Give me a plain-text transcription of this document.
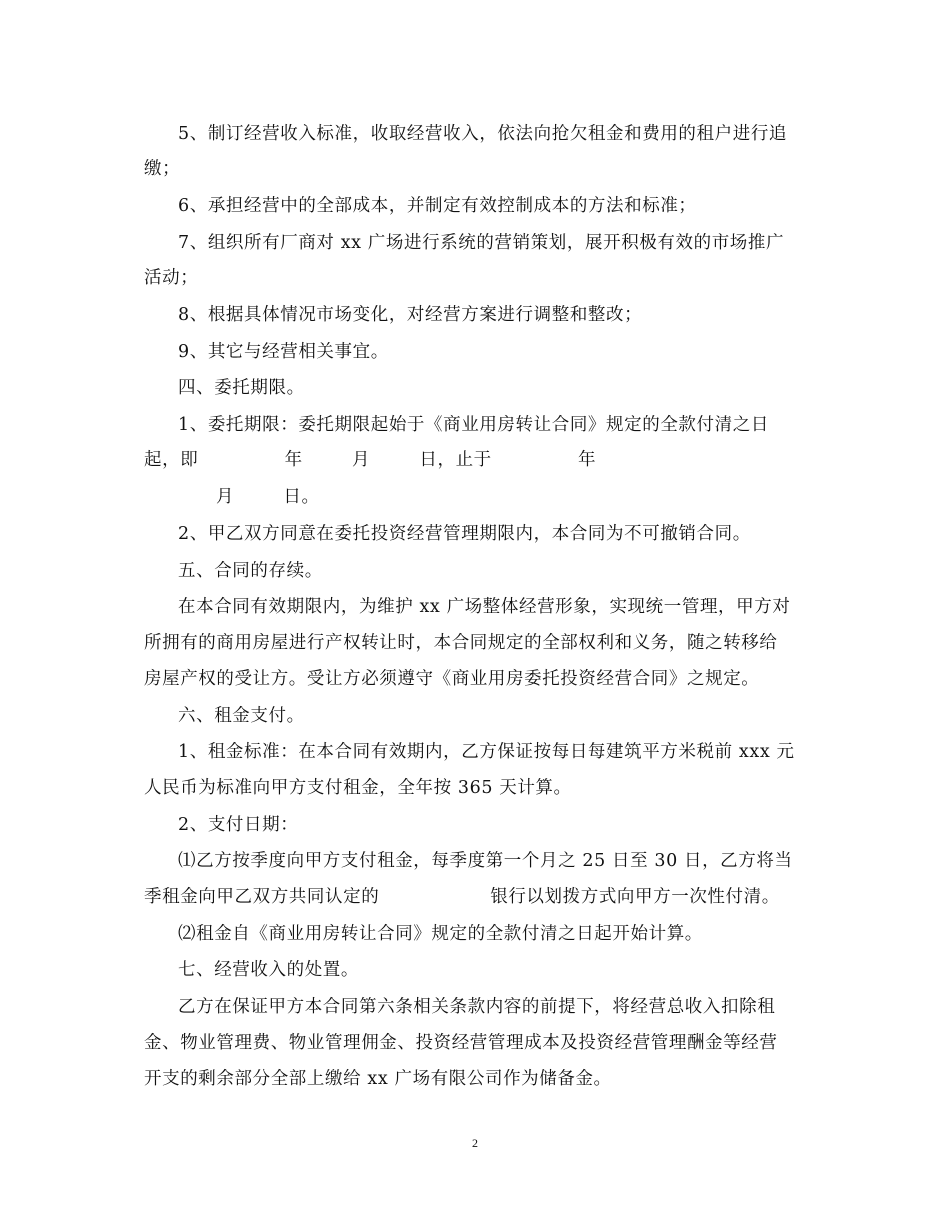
5、制订经营收入标准，收取经营收入，依法向抢欠租金和费用的租户进行追
缴；
6、承担经营中的全部成本，并制定有效控制成本的方法和标准；
7、组织所有厂商对 xx 广场进行系统的营销策划，展开积极有效的市场推广
活动；
8、根据具体情况市场变化，对经营方案进行调整和整改；
9、其它与经营相关事宜。
四、委托期限。
1、委托期限：委托期限起始于《商业用房转让合同》规定的全款付清之日
起，即              年        月        日，止于              年
月        日。
2、甲乙双方同意在委托投资经营管理期限内，本合同为不可撤销合同。
五、合同的存续。
在本合同有效期限内，为维护 xx 广场整体经营形象，实现统一管理，甲方对
所拥有的商用房屋进行产权转让时，本合同规定的全部权利和义务，随之转移给
房屋产权的受让方。受让方必须遵守《商业用房委托投资经营合同》之规定。
六、租金支付。
1、租金标准：在本合同有效期内，乙方保证按每日每建筑平方米税前 xxx 元
人民币为标准向甲方支付租金，全年按 365 天计算。
2、支付日期：
⑴乙方按季度向甲方支付租金，每季度第一个月之 25 日至 30 日，乙方将当
季租金向甲乙双方共同认定的                  银行以划拨方式向甲方一次性付清。
⑵租金自《商业用房转让合同》规定的全款付清之日起开始计算。
七、经营收入的处置。
乙方在保证甲方本合同第六条相关条款内容的前提下，将经营总收入扣除租
金、物业管理费、物业管理佣金、投资经营管理成本及投资经营管理酬金等经营
开支的剩余部分全部上缴给 xx 广场有限公司作为储备金。
2
